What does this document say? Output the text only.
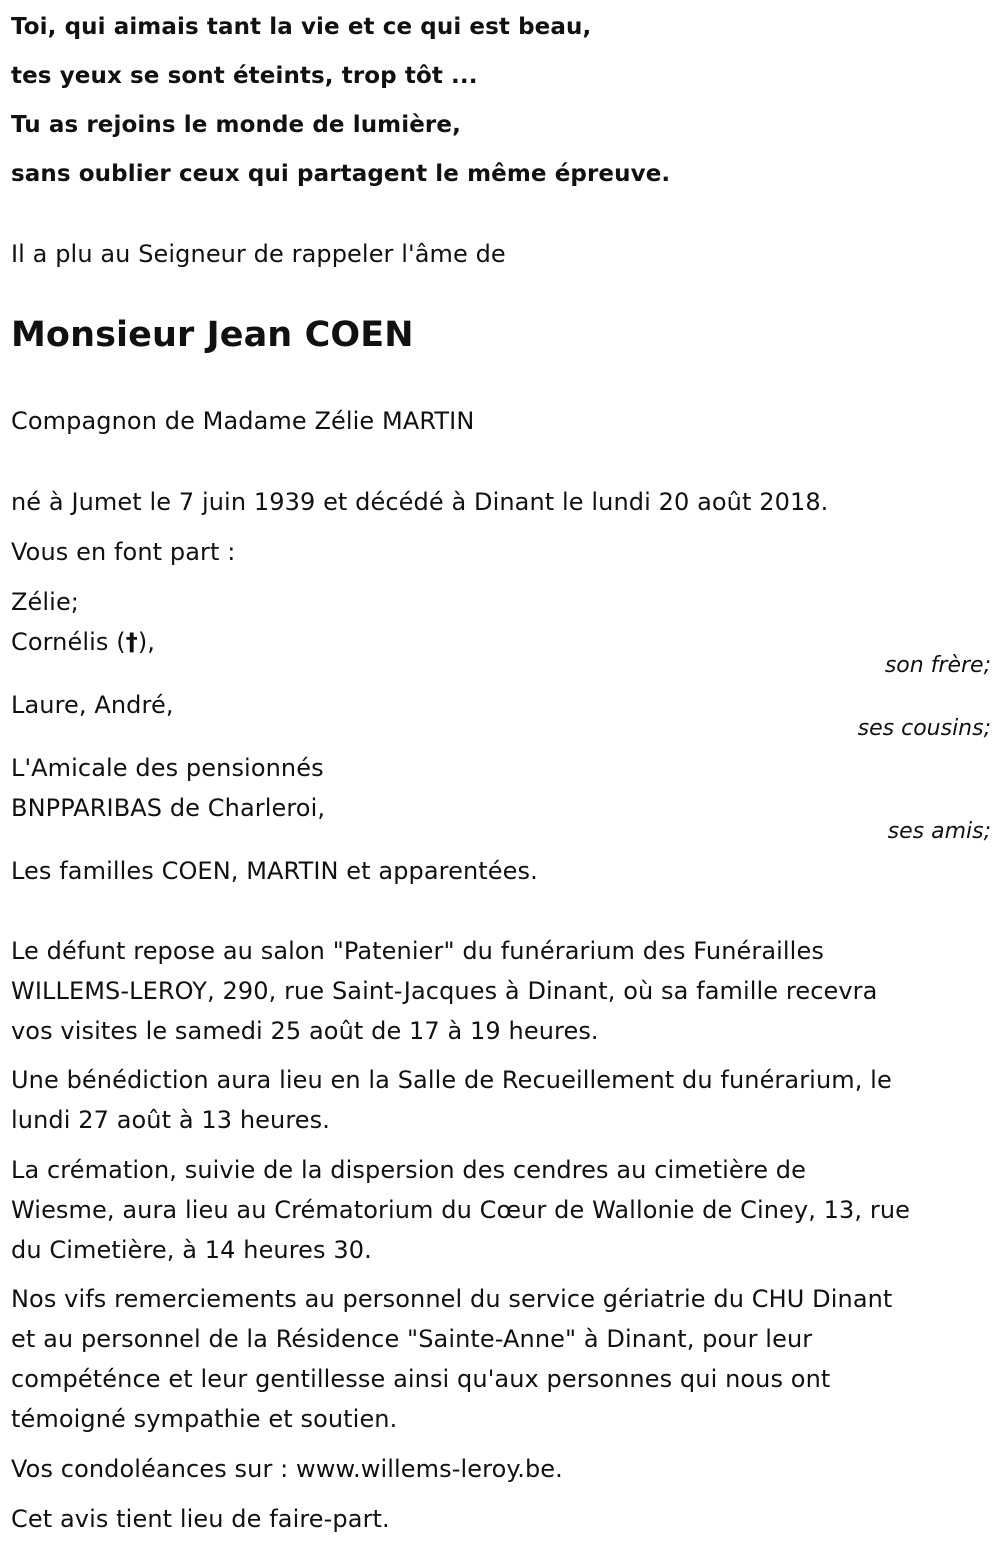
Toi, qui aimais tant la vie et ce qui est beau,
tes yeux se sont éteints, trop tôt ...
Tu as rejoins le monde de lumière,
sans oublier ceux qui partagent le même épreuve.
Il a plu au Seigneur de rappeler l'âme de
Monsieur Jean COEN
Compagnon de Madame Zélie MARTIN
né à Jumet le 7 juin 1939 et décédé à Dinant le lundi 20 août 2018.
Vous en font part :
Zélie;
Cornélis (†),
son frère;
Laure, André,
ses cousins;
L'Amicale des pensionnés
BNPPARIBAS de Charleroi,
ses amis;
Les familles COEN, MARTIN et apparentées.
Le défunt repose au salon "Patenier" du funérarium des Funérailles
WILLEMS-LEROY, 290, rue Saint-Jacques à Dinant, où sa famille recevra
vos visites le samedi 25 août de 17 à 19 heures.
Une bénédiction aura lieu en la Salle de Recueillement du funérarium, le
lundi 27 août à 13 heures.
La crémation, suivie de la dispersion des cendres au cimetière de
Wiesme, aura lieu au Crématorium du Cœur de Wallonie de Ciney, 13, rue
du Cimetière, à 14 heures 30.
Nos vifs remerciements au personnel du service gériatrie du CHU Dinant
et au personnel de la Résidence "Sainte-Anne" à Dinant, pour leur
compéténce et leur gentillesse ainsi qu'aux personnes qui nous ont
témoigné sympathie et soutien.
Vos condoléances sur : www.willems-leroy.be.
Cet avis tient lieu de faire-part.
